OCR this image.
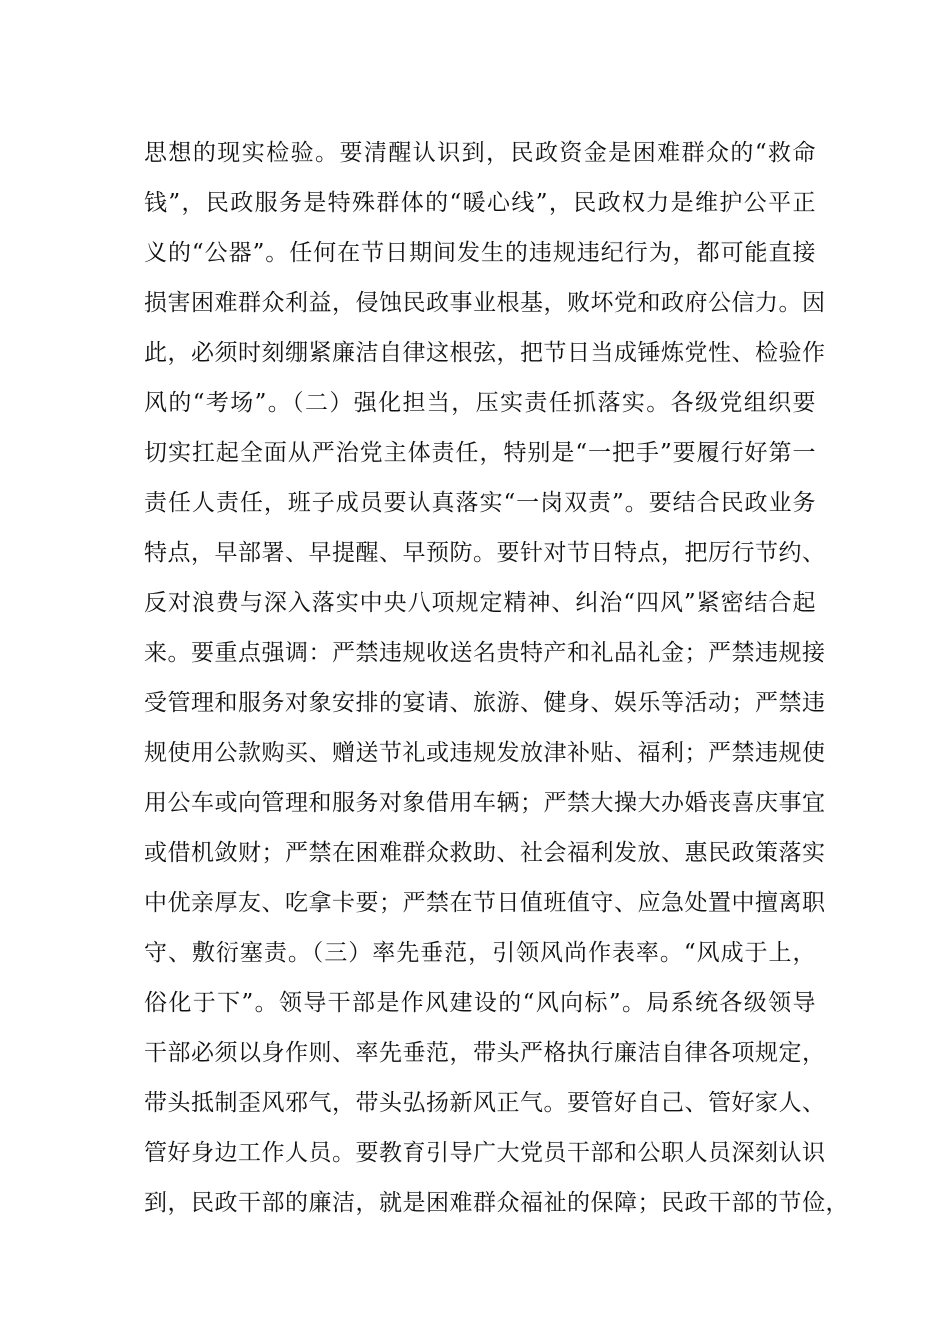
思想的现实检验。要清醒认识到，民政资金是困难群众的“救命
钱”，民政服务是特殊群体的“暖心线”，民政权力是维护公平正
义的“公器”。任何在节日期间发生的违规违纪行为，都可能直接
损害困难群众利益，侵蚀民政事业根基，败坏党和政府公信力。因
此，必须时刻绷紧廉洁自律这根弦，把节日当成锤炼党性、检验作
风的“考场”。（二）强化担当，压实责任抓落实。各级党组织要
切实扛起全面从严治党主体责任，特别是“一把手”要履行好第一
责任人责任，班子成员要认真落实“一岗双责”。要结合民政业务
特点，早部署、早提醒、早预防。要针对节日特点，把厉行节约、
反对浪费与深入落实中央八项规定精神、纠治“四风”紧密结合起
来。要重点强调：严禁违规收送名贵特产和礼品礼金；严禁违规接
受管理和服务对象安排的宴请、旅游、健身、娱乐等活动；严禁违
规使用公款购买、赠送节礼或违规发放津补贴、福利；严禁违规使
用公车或向管理和服务对象借用车辆；严禁大操大办婚丧喜庆事宜
或借机敛财；严禁在困难群众救助、社会福利发放、惠民政策落实
中优亲厚友、吃拿卡要；严禁在节日值班值守、应急处置中擅离职
守、敷衍塞责。（三）率先垂范，引领风尚作表率。“风成于上，
俗化于下”。领导干部是作风建设的“风向标”。局系统各级领导
干部必须以身作则、率先垂范，带头严格执行廉洁自律各项规定，
带头抵制歪风邪气，带头弘扬新风正气。要管好自己、管好家人、
管好身边工作人员。要教育引导广大党员干部和公职人员深刻认识
到，民政干部的廉洁，就是困难群众福祉的保障；民政干部的节俭，
